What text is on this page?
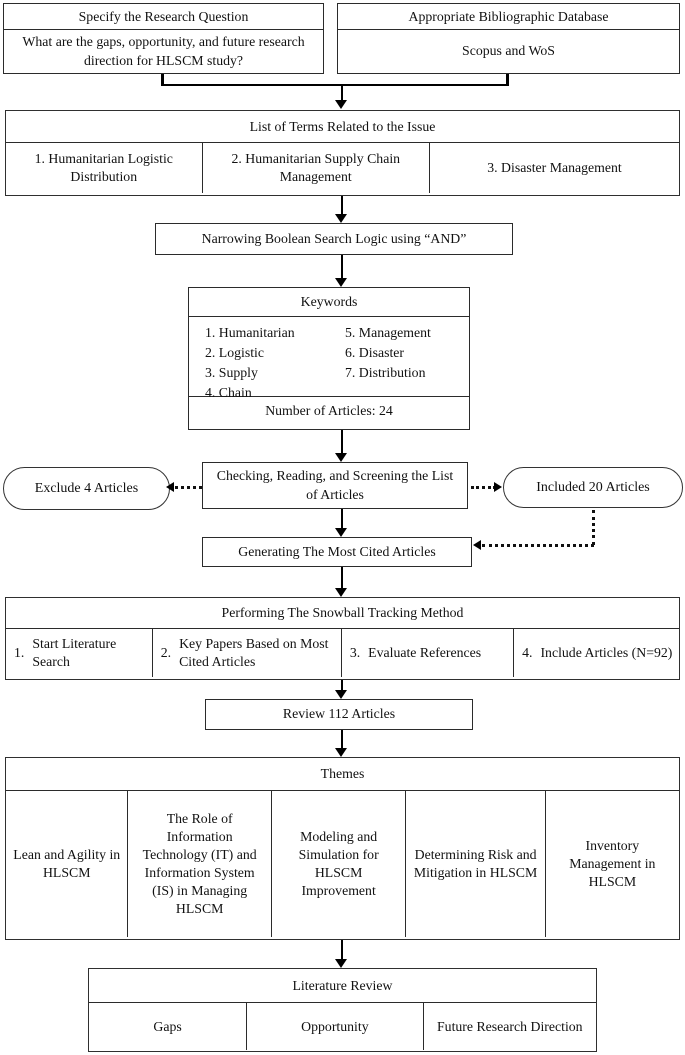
Specify the Research Question
What are the gaps, opportunity, and future research direction for HLSCM study?
Appropriate Bibliographic Database
Scopus and WoS
List of Terms Related to the Issue
1. Humanitarian Logistic Distribution
2. Humanitarian Supply Chain Management
3. Disaster Management
Narrowing Boolean Search Logic using “AND”
Keywords
1. Humanitarian
2. Logistic
3. Supply
4. Chain
5. Management
6. Disaster
7. Distribution
Number of Articles: 24
Exclude 4 Articles
Checking, Reading, and Screening the List of Articles	Included 20 Articles
Generating The Most Cited Articles
Performing The Snowball Tracking Method
1.
Start Literature Search
2.
Key Papers Based on Most Cited Articles
3. Evaluate References	4. Include Articles (N=92)
Review 112 Articles
Themes
Lean and Agility in HLSCM
The Role of Information Technology (IT) and Information System (IS) in Managing HLSCM
Modeling and Simulation for HLSCM Improvement
Determining Risk and Mitigation in HLSCM
Inventory Management in HLSCM
Literature Review
Gaps	Opportunity	Future Research Direction
